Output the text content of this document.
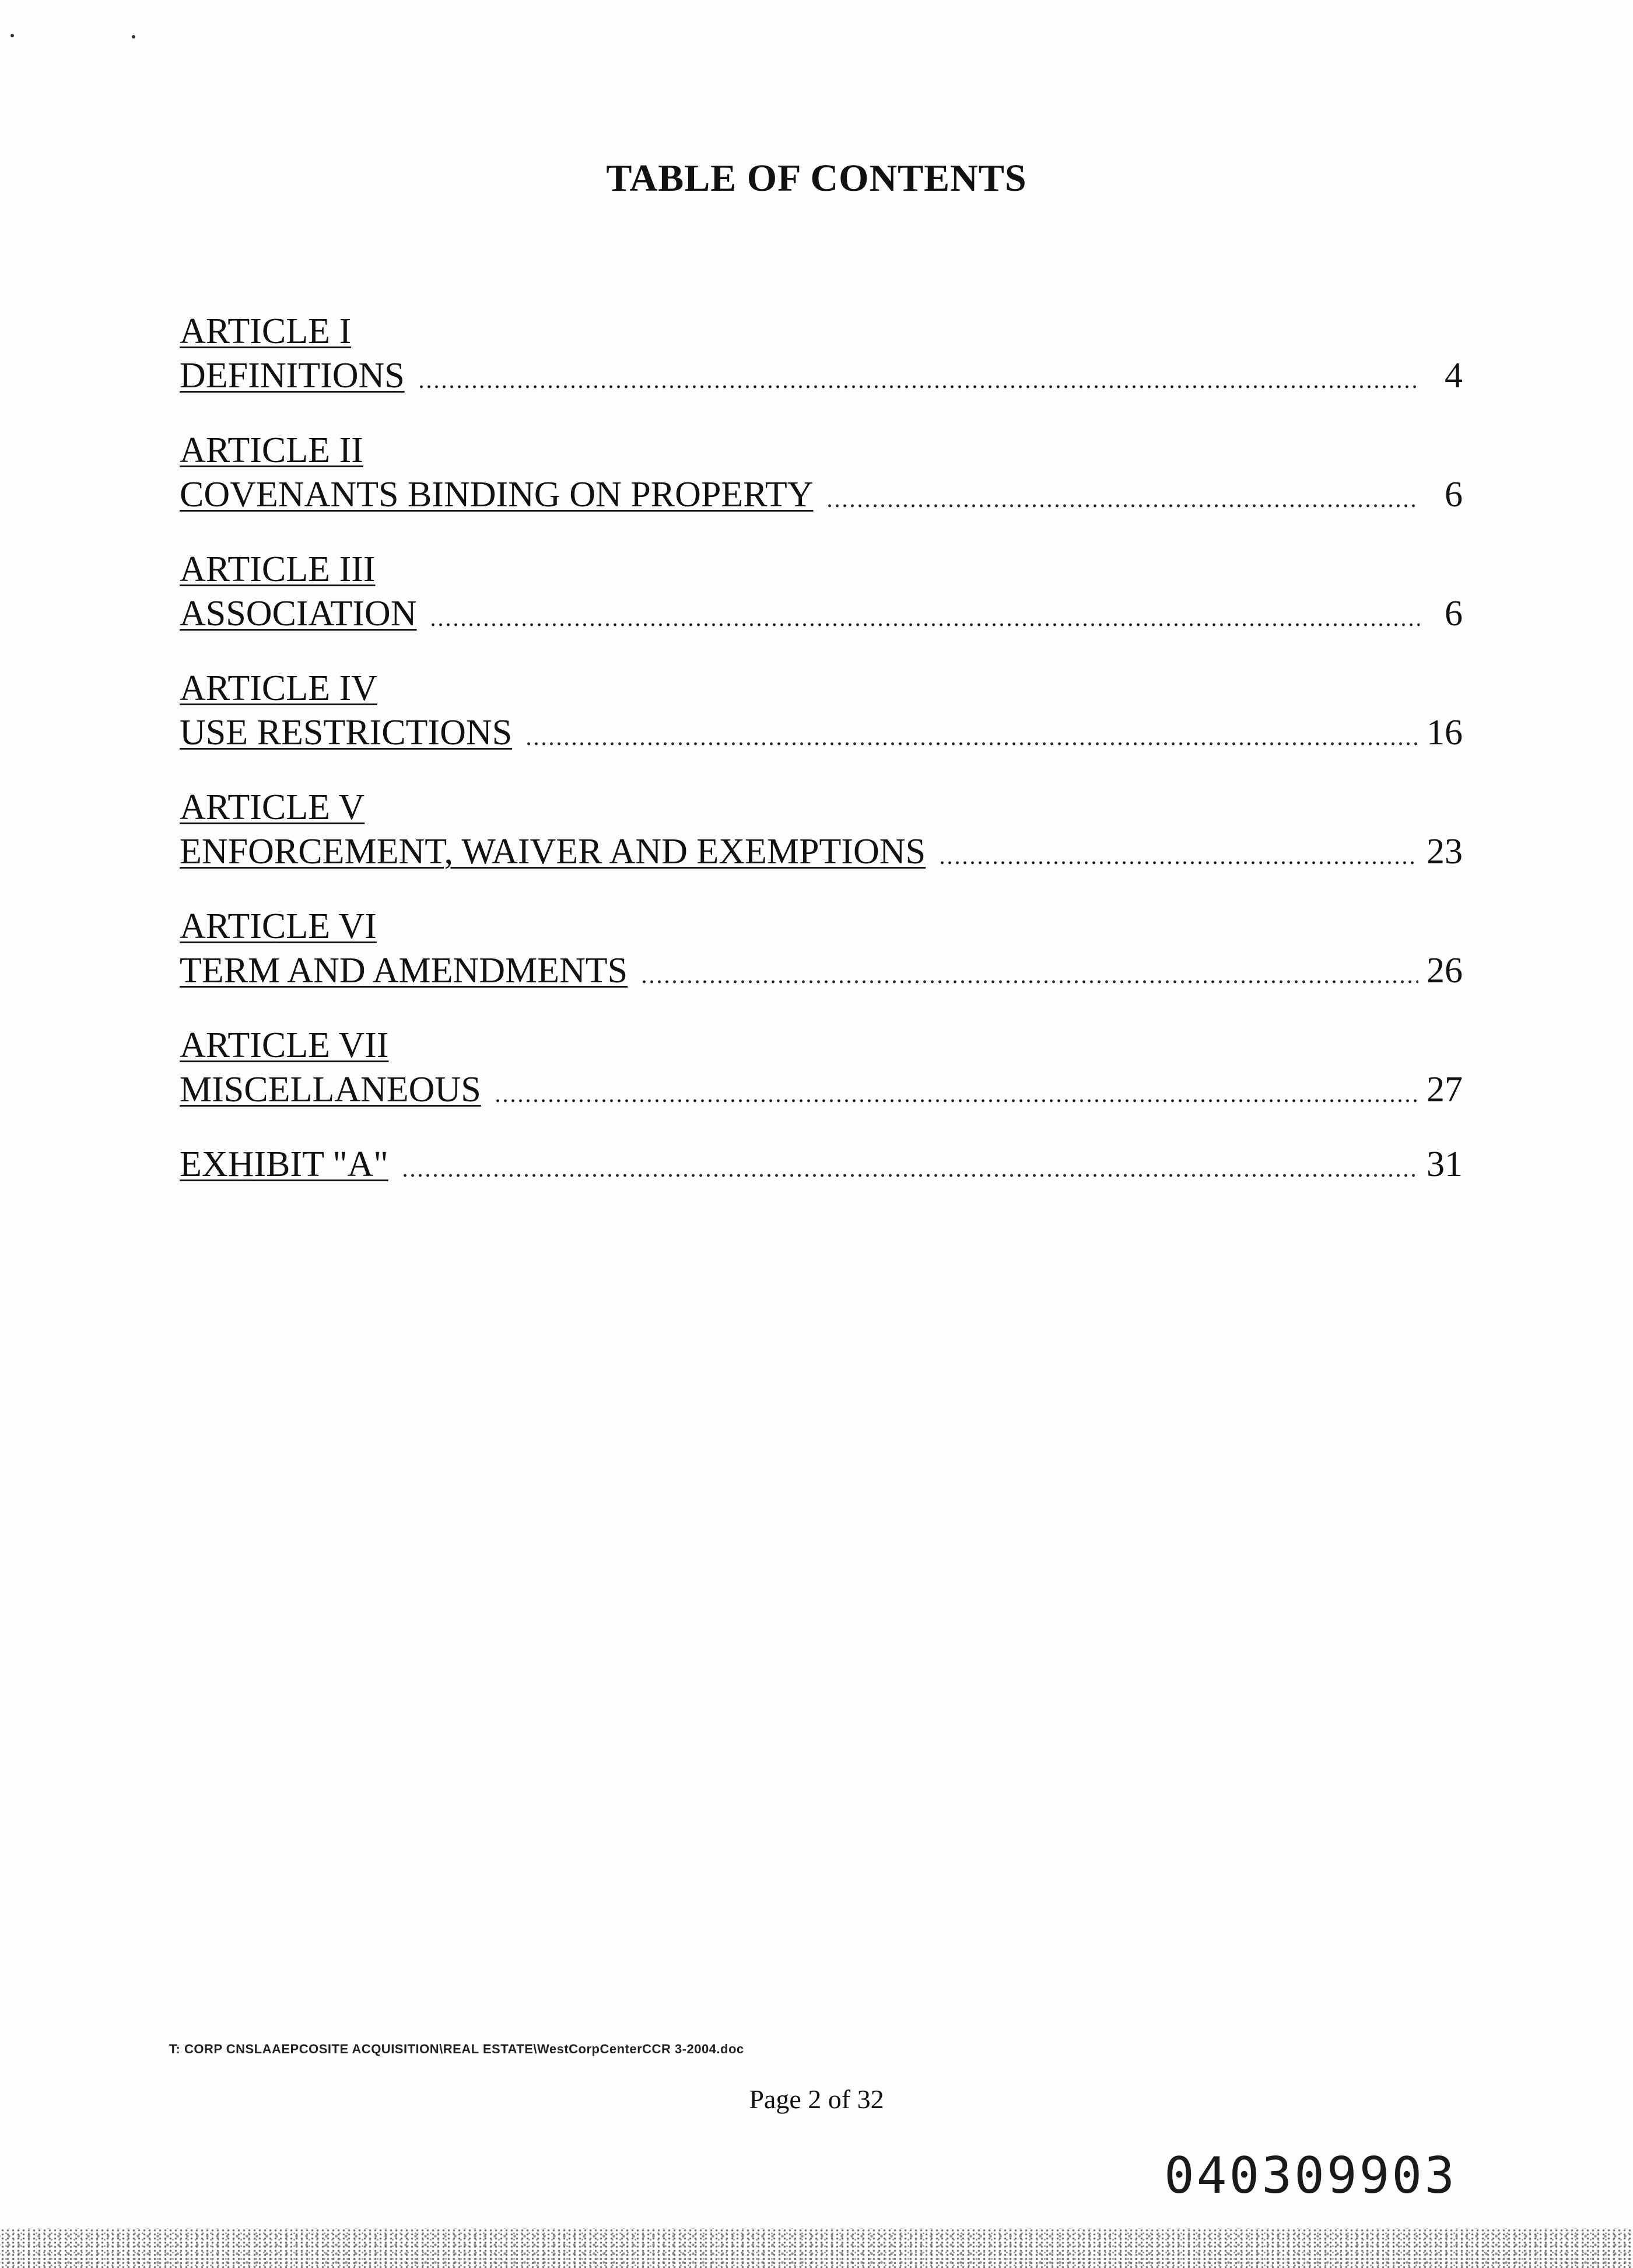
TABLE OF CONTENTS
ARTICLE I
DEFINITIONS	4
ARTICLE II
COVENANTS BINDING ON PROPERTY	6
ARTICLE III
ASSOCIATION	6
ARTICLE IV
USE RESTRICTIONS	16
ARTICLE V
ENFORCEMENT, WAIVER AND EXEMPTIONS	23
ARTICLE VI
TERM AND AMENDMENTS	26
ARTICLE VII
MISCELLANEOUS	27
EXHIBIT "A"	31
T: CORP CNSLAAEPCOSITE ACQUISITION\REAL ESTATE\WestCorpCenterCCR 3-2004.doc
Page 2 of 32
040309903
